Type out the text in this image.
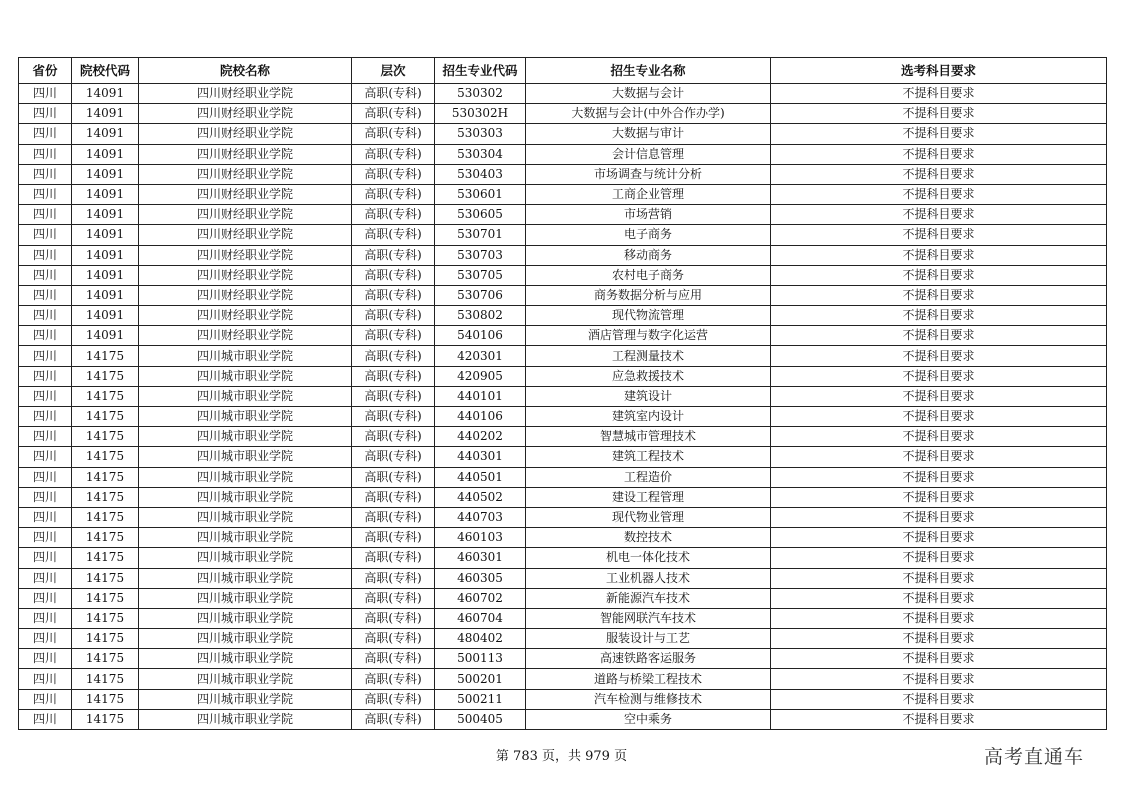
省份	院校代码	院校名称	层次	招生专业代码	招生专业名称	选考科目要求
四川	14091	四川财经职业学院	高职(专科)	530302	大数据与会计	不提科目要求
四川	14091	四川财经职业学院	高职(专科)	530302H	大数据与会计(中外合作办学)	不提科目要求
四川	14091	四川财经职业学院	高职(专科)	530303	大数据与审计	不提科目要求
四川	14091	四川财经职业学院	高职(专科)	530304	会计信息管理	不提科目要求
四川	14091	四川财经职业学院	高职(专科)	530403	市场调查与统计分析	不提科目要求
四川	14091	四川财经职业学院	高职(专科)	530601	工商企业管理	不提科目要求
四川	14091	四川财经职业学院	高职(专科)	530605	市场营销	不提科目要求
四川	14091	四川财经职业学院	高职(专科)	530701	电子商务	不提科目要求
四川	14091	四川财经职业学院	高职(专科)	530703	移动商务	不提科目要求
四川	14091	四川财经职业学院	高职(专科)	530705	农村电子商务	不提科目要求
四川	14091	四川财经职业学院	高职(专科)	530706	商务数据分析与应用	不提科目要求
四川	14091	四川财经职业学院	高职(专科)	530802	现代物流管理	不提科目要求
四川	14091	四川财经职业学院	高职(专科)	540106	酒店管理与数字化运营	不提科目要求
四川	14175	四川城市职业学院	高职(专科)	420301	工程测量技术	不提科目要求
四川	14175	四川城市职业学院	高职(专科)	420905	应急救援技术	不提科目要求
四川	14175	四川城市职业学院	高职(专科)	440101	建筑设计	不提科目要求
四川	14175	四川城市职业学院	高职(专科)	440106	建筑室内设计	不提科目要求
四川	14175	四川城市职业学院	高职(专科)	440202	智慧城市管理技术	不提科目要求
四川	14175	四川城市职业学院	高职(专科)	440301	建筑工程技术	不提科目要求
四川	14175	四川城市职业学院	高职(专科)	440501	工程造价	不提科目要求
四川	14175	四川城市职业学院	高职(专科)	440502	建设工程管理	不提科目要求
四川	14175	四川城市职业学院	高职(专科)	440703	现代物业管理	不提科目要求
四川	14175	四川城市职业学院	高职(专科)	460103	数控技术	不提科目要求
四川	14175	四川城市职业学院	高职(专科)	460301	机电一体化技术	不提科目要求
四川	14175	四川城市职业学院	高职(专科)	460305	工业机器人技术	不提科目要求
四川	14175	四川城市职业学院	高职(专科)	460702	新能源汽车技术	不提科目要求
四川	14175	四川城市职业学院	高职(专科)	460704	智能网联汽车技术	不提科目要求
四川	14175	四川城市职业学院	高职(专科)	480402	服装设计与工艺	不提科目要求
四川	14175	四川城市职业学院	高职(专科)	500113	高速铁路客运服务	不提科目要求
四川	14175	四川城市职业学院	高职(专科)	500201	道路与桥梁工程技术	不提科目要求
四川	14175	四川城市职业学院	高职(专科)	500211	汽车检测与维修技术	不提科目要求
四川	14175	四川城市职业学院	高职(专科)	500405	空中乘务	不提科目要求
第 783 页，共 979 页	高考直通车
